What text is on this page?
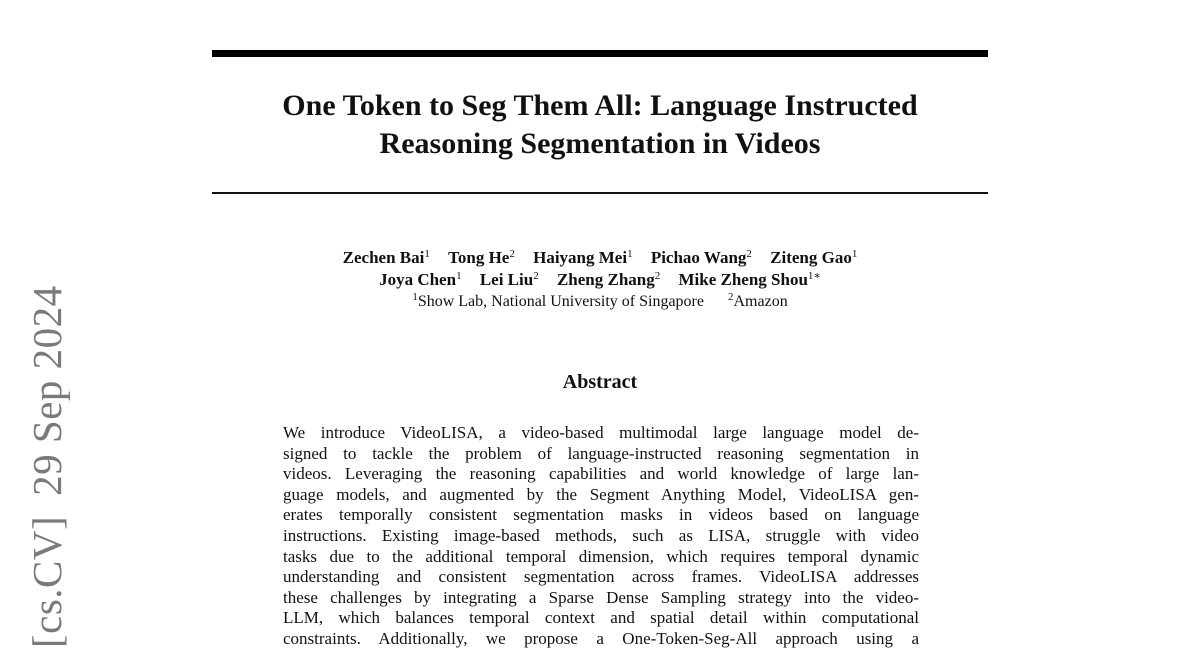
[cs.CV]29 Sep 2024
One Token to Seg Them All: Language Instructed
Reasoning Segmentation in Videos
Zechen Bai$^1$ Tong He$^2$ Haiyang Mei$^1$ Pichao Wang$^2$ Ziteng Gao$^1$
Joya Chen$^1$ Lei Liu$^2$ Zheng Zhang$^2$ Mike Zheng Shou$^{1∗}$
$^1$Show Lab, National University of Singapore $^2$Amazon
Abstract
We introduce VideoLISA, a video-based multimodal large language model de-
signed to tackle the problem of language-instructed reasoning segmentation in
videos. Leveraging the reasoning capabilities and world knowledge of large lan-
guage models, and augmented by the Segment Anything Model, VideoLISA gen-
erates temporally consistent segmentation masks in videos based on language
instructions. Existing image-based methods, such as LISA, struggle with video
tasks due to the additional temporal dimension, which requires temporal dynamic
understanding and consistent segmentation across frames. VideoLISA addresses
these challenges by integrating a Sparse Dense Sampling strategy into the video-
LLM, which balances temporal context and spatial detail within computational
constraints. Additionally, we propose a One-Token-Seg-All approach using a
